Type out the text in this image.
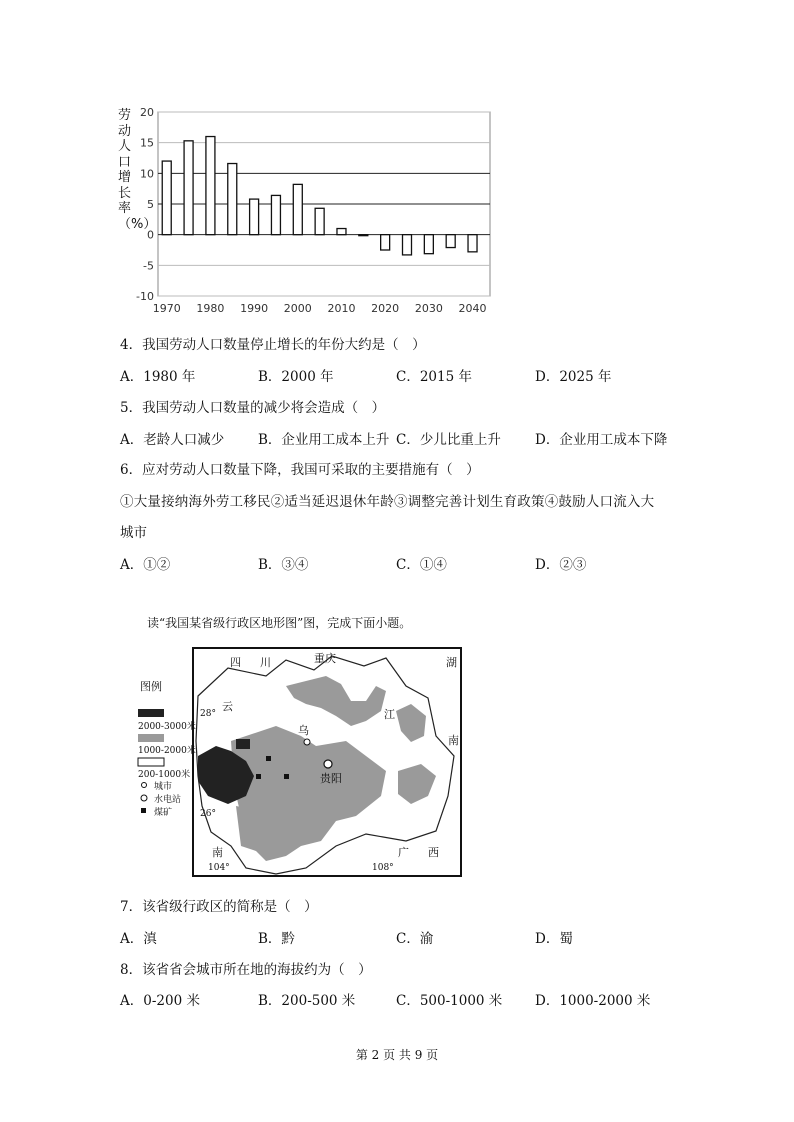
劳动人口增长率（%）
20
15
10
5
0
-5
-10
1970 1980 1990 2000 2010 2020 2030 2040
4．我国劳动人口数量停止增长的年份大约是（　）
A．1980 年	B．2000 年	C．2015 年	D．2025 年
5．我国劳动人口数量的减少将会造成（　）
A．老龄人口减少	B．企业用工成本上升 C．少儿比重上升	D．企业用工成本下降
6．应对劳动人口数量下降，我国可采取的主要措施有（　）
①大量接纳海外劳工移民②适当延迟退休年龄③调整完善计划生育政策④鼓励人口流入大
城市
A．①②	B．③④	C．①④	D．②③
读“我国某省级行政区地形图”图，完成下面小题。
图例
2000-3000米
1000-2000米
200-1000米
城市
水电站
煤矿
四 川	重庆	湖
南
云
南	广 西
江
乌
贵阳
28°
26°
104°	108°
7．该省级行政区的简称是（　）
A．滇	B．黔	C．渝	D．蜀
8．该省省会城市所在地的海拔约为（　）
A．0-200 米	B．200-500 米	C．500-1000 米 D．1000-2000 米
第 2 页 共 9 页
